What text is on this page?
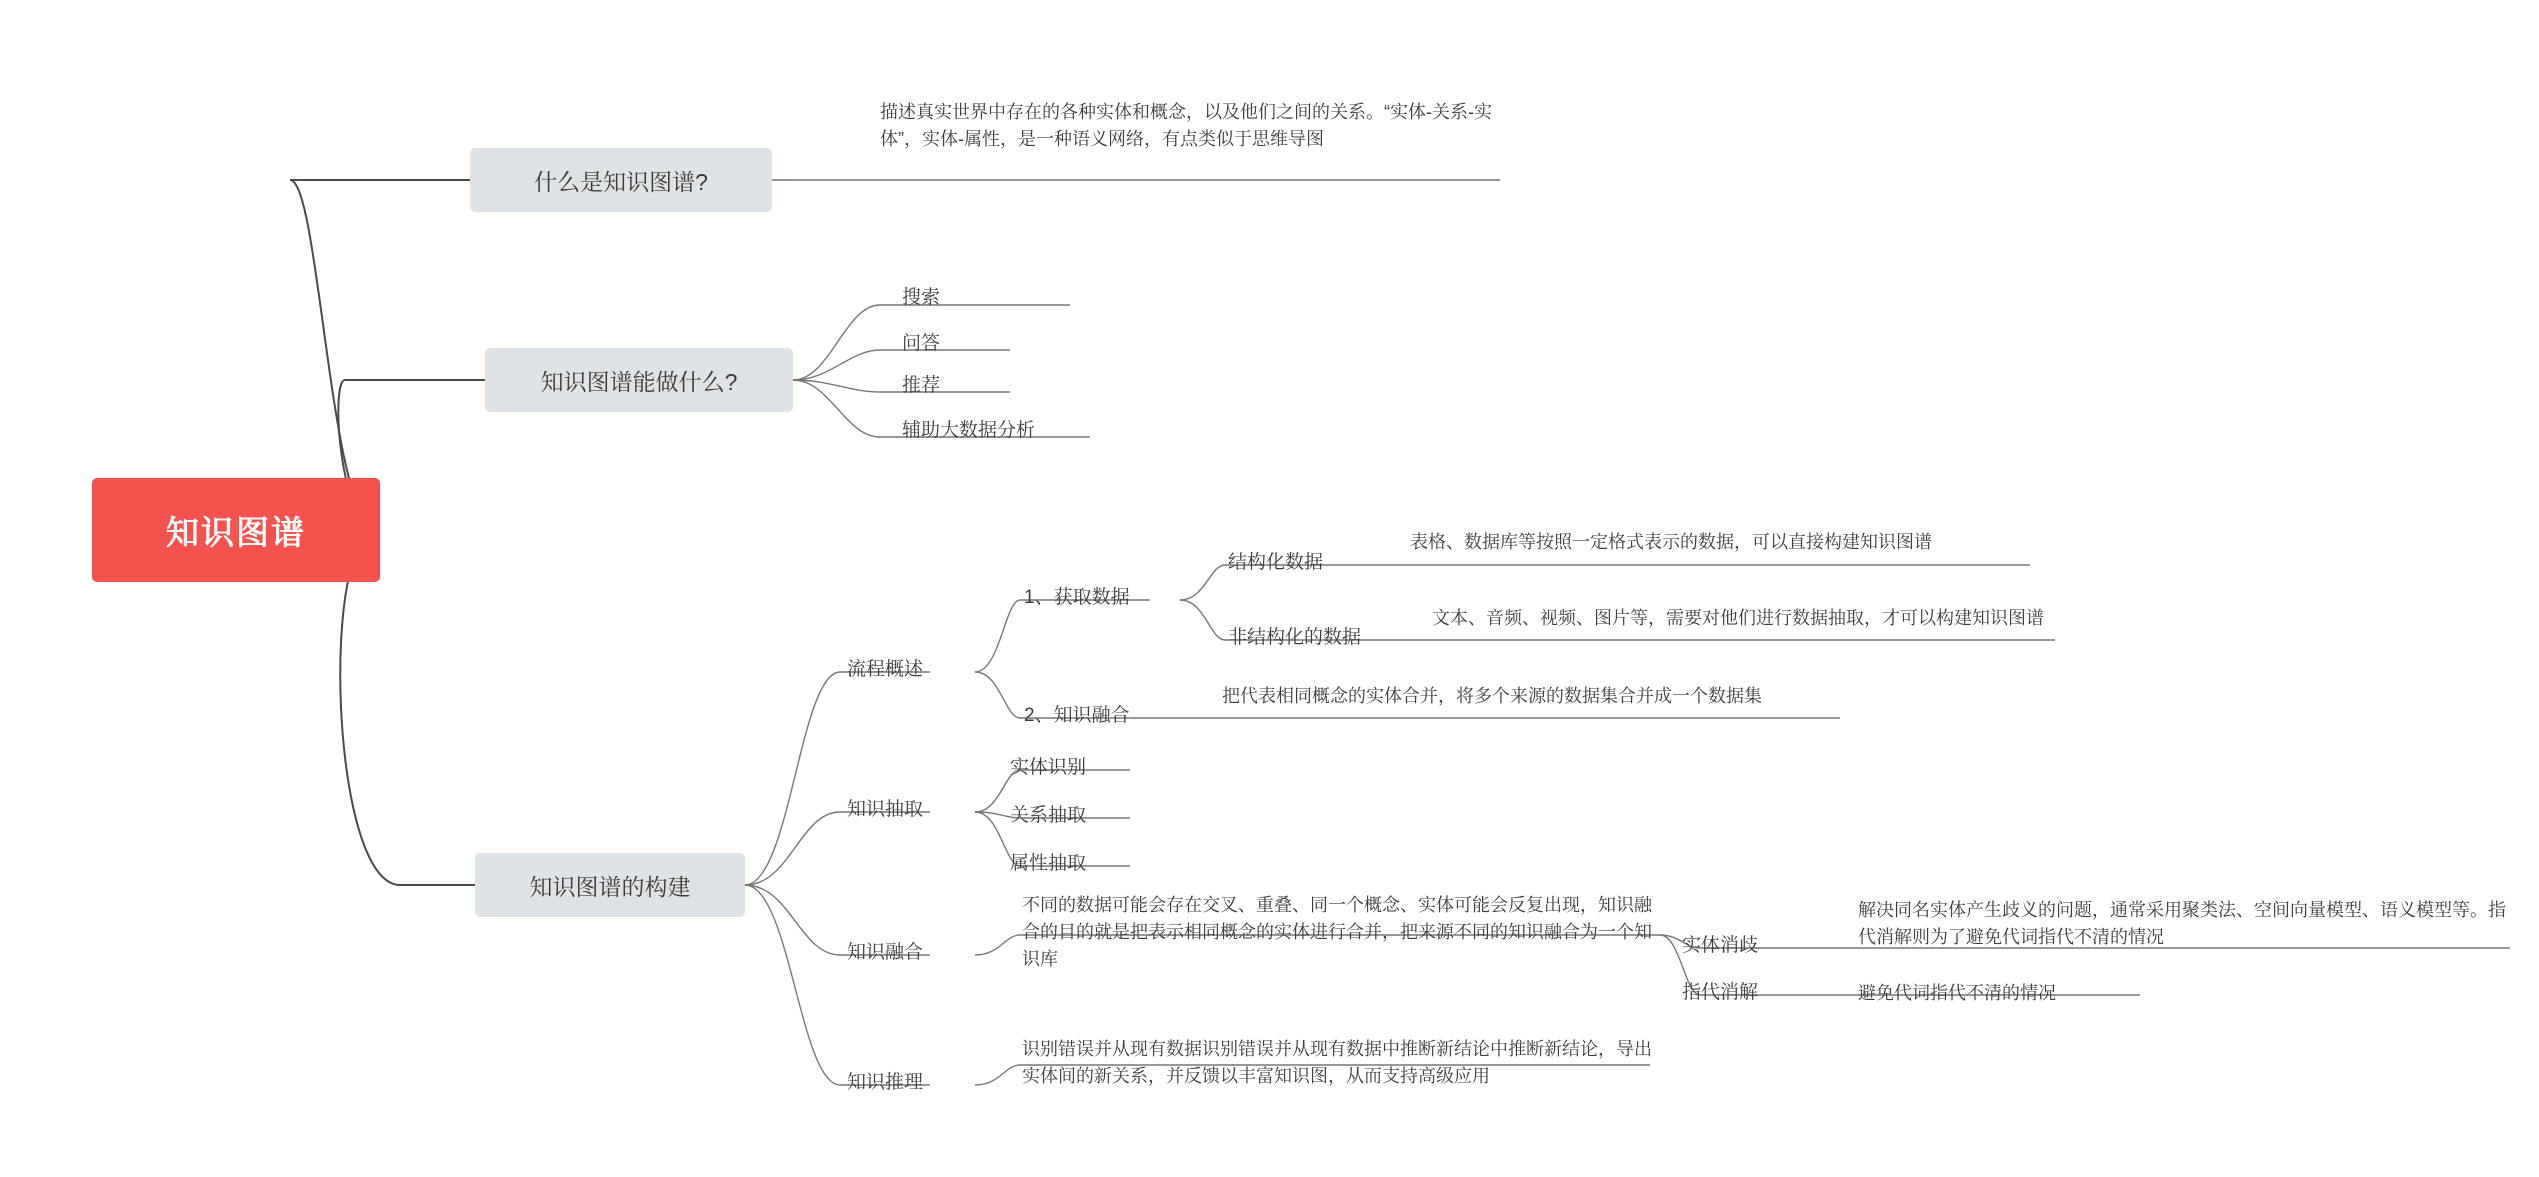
知识图谱
什么是知识图谱?
知识图谱能做什么?
知识图谱的构建
描述真实世界中存在的各种实体和概念，以及他们之间的关系。“实体-关系-实体”，实体-属性，是一种语义网络，有点类似于思维导图
搜索
问答
推荐
辅助大数据分析
流程概述
知识抽取
知识融合
知识推理
1、获取数据
2、知识融合
结构化数据
非结构化的数据
表格、数据库等按照一定格式表示的数据，可以直接构建知识图谱
文本、音频、视频、图片等，需要对他们进行数据抽取，才可以构建知识图谱
把代表相同概念的实体合并，将多个来源的数据集合并成一个数据集
实体识别
关系抽取
属性抽取
不同的数据可能会存在交叉、重叠、同一个概念、实体可能会反复出现，知识融合的目的就是把表示相同概念的实体进行合并，把来源不同的知识融合为一个知识库
实体消歧
指代消解
解决同名实体产生歧义的问题，通常采用聚类法、空间向量模型、语义模型等。指代消解则为了避免代词指代不清的情况
避免代词指代不清的情况
识别错误并从现有数据识别错误并从现有数据中推断新结论中推断新结论，导出实体间的新关系，并反馈以丰富知识图，从而支持高级应用
